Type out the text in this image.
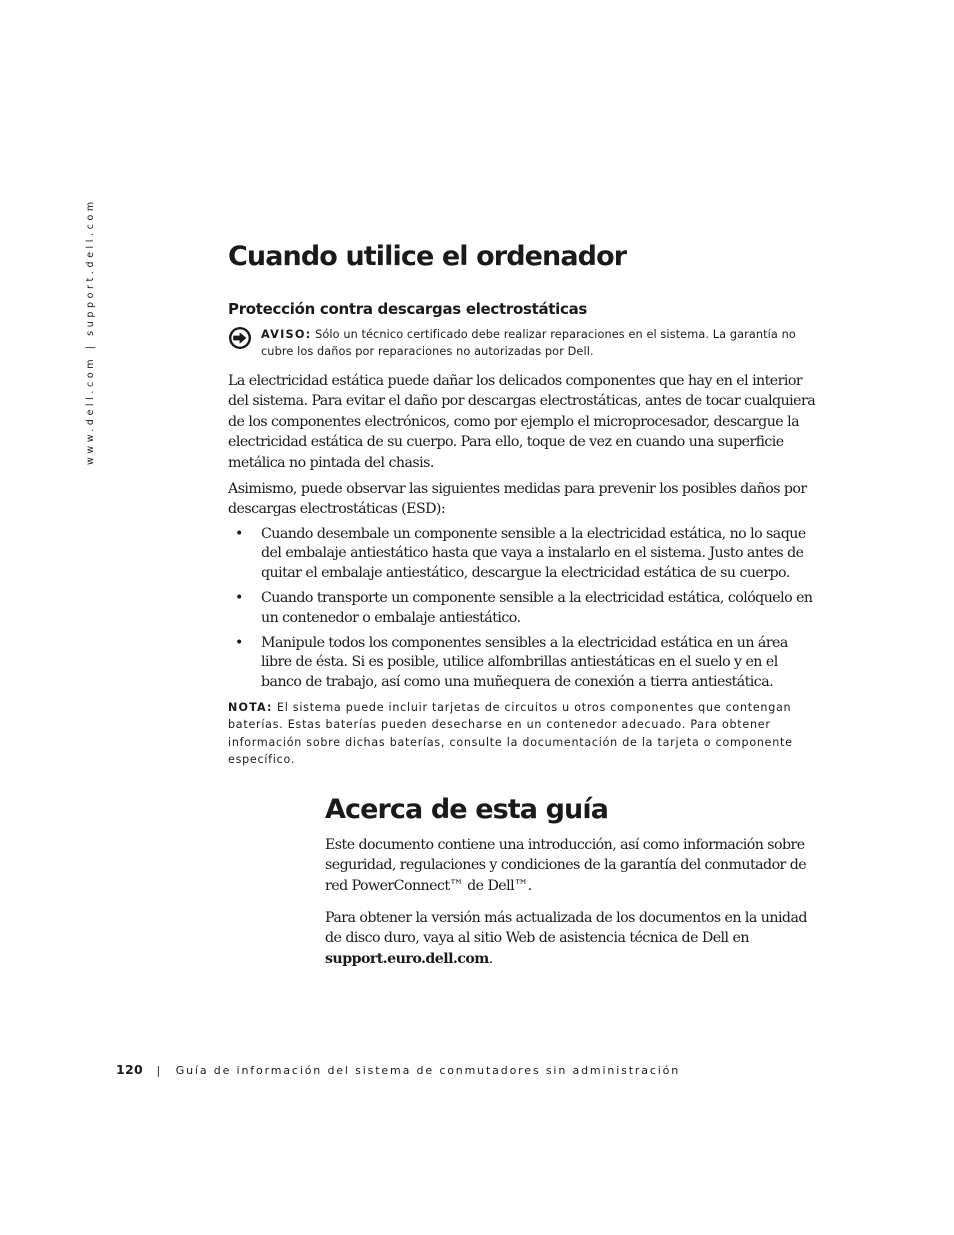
www.dell.com | support.dell.com	Cuando utilice el ordenador
Protección contra descargas electrostáticas
AVISO: Sólo un técnico certificado debe realizar reparaciones en el sistema. La garantía no cubre los daños por reparaciones no autorizadas por Dell.

La electricidad estática puede dañar los delicados componentes que hay en el interior del sistema. Para evitar el daño por descargas electrostáticas, antes de tocar cualquiera de los componentes electrónicos, como por ejemplo el microprocesador, descargue la electricidad estática de su cuerpo. Para ello, toque de vez en cuando una superficie metálica no pintada del chasis.

Asimismo, puede observar las siguientes medidas para prevenir los posibles daños por descargas electrostáticas (ESD):

• Cuando desembale un componente sensible a la electricidad estática, no lo saque del embalaje antiestático hasta que vaya a instalarlo en el sistema. Justo antes de quitar el embalaje antiestático, descargue la electricidad estática de su cuerpo.
• Cuando transporte un componente sensible a la electricidad estática, colóquelo en un contenedor o embalaje antiestático.
• Manipule todos los componentes sensibles a la electricidad estática en un área libre de ésta. Si es posible, utilice alfombrillas antiestáticas en el suelo y en el banco de trabajo, así como una muñequera de conexión a tierra antiestática.

NOTA: El sistema puede incluir tarjetas de circuitos u otros componentes que contengan baterías. Estas baterías pueden desecharse en un contenedor adecuado. Para obtener información sobre dichas baterías, consulte la documentación de la tarjeta o componente específico.

Acerca de esta guía

Este documento contiene una introducción, así como información sobre seguridad, regulaciones y condiciones de la garantía del conmutador de red PowerConnect™ de Dell™.

Para obtener la versión más actualizada de los documentos en la unidad de disco duro, vaya al sitio Web de asistencia técnica de Dell en support.euro.dell.com.

120 | Guía de información del sistema de conmutadores sin administración
